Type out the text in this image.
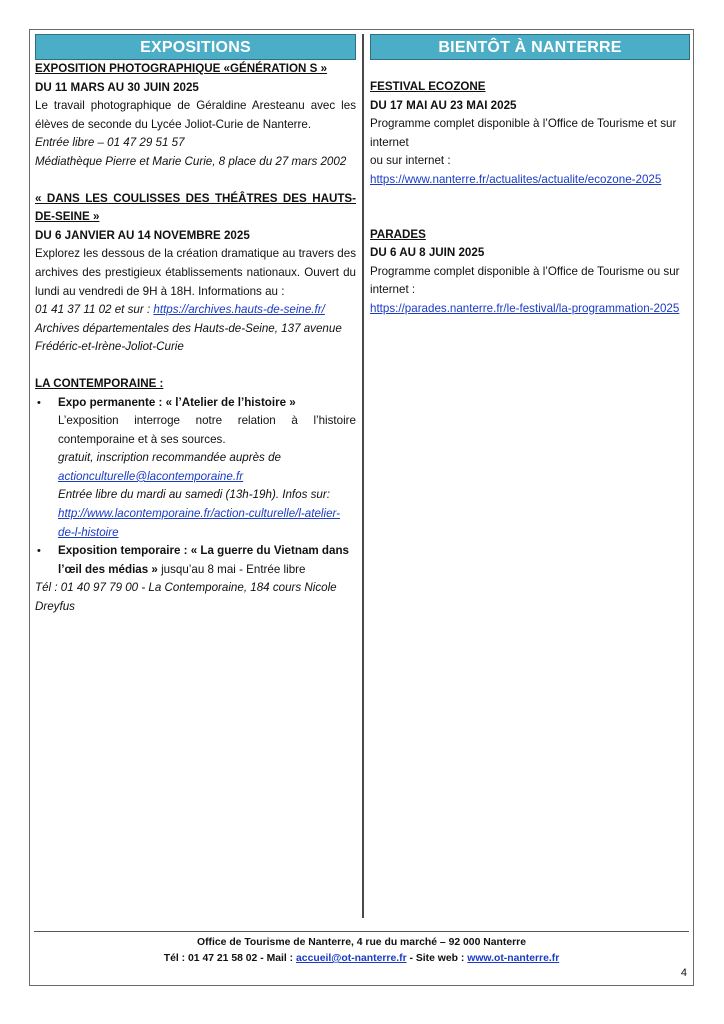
EXPOSITIONS
EXPOSITION PHOTOGRAPHIQUE «GÉNÉRATION S »
DU 11 MARS AU 30 JUIN 2025
Le travail photographique de Géraldine Aresteanu avec les élèves de seconde du Lycée Joliot-Curie de Nanterre.
Entrée libre – 01 47 29 51 57
Médiathèque Pierre et Marie Curie, 8 place du 27 mars 2002
« DANS LES COULISSES DES THÉÂTRES DES HAUTS-DE-SEINE »
DU 6 JANVIER AU 14 NOVEMBRE 2025
Explorez les dessous de la création dramatique au travers des archives des prestigieux établissements nationaux. Ouvert du lundi au vendredi de 9H à 18H. Informations au :
01 41 37 11 02 et sur : https://archives.hauts-de-seine.fr/
Archives départementales des Hauts-de-Seine, 137 avenue Frédéric-et-Irène-Joliot-Curie
LA CONTEMPORAINE :
• Expo permanente : « l’Atelier de l’histoire »
L’exposition interroge notre relation à l’histoire contemporaine et à ses sources.
gratuit, inscription recommandée auprès de
actionculturelle@lacontemporaine.fr
Entrée libre du mardi au samedi (13h-19h). Infos sur:
http://www.lacontemporaine.fr/action-culturelle/l-atelier-de-l-histoire
• Exposition temporaire : « La guerre du Vietnam dans l’œil des médias » jusqu’au 8 mai - Entrée libre
Tél : 01 40 97 79 00 - La Contemporaine, 184 cours Nicole Dreyfus
BIENTÔT À NANTERRE
FESTIVAL ECOZONE
DU 17 MAI AU 23 MAI 2025
Programme complet disponible à l’Office de Tourisme et sur internet
ou sur internet :
https://www.nanterre.fr/actualites/actualite/ecozone-2025
PARADES
DU 6 AU 8 JUIN 2025
Programme complet disponible à l’Office de Tourisme ou sur internet :
https://parades.nanterre.fr/le-festival/la-programmation-2025
Office de Tourisme de Nanterre, 4 rue du marché – 92 000 Nanterre
Tél : 01 47 21 58 02 - Mail : accueil@ot-nanterre.fr - Site web : www.ot-nanterre.fr
4
